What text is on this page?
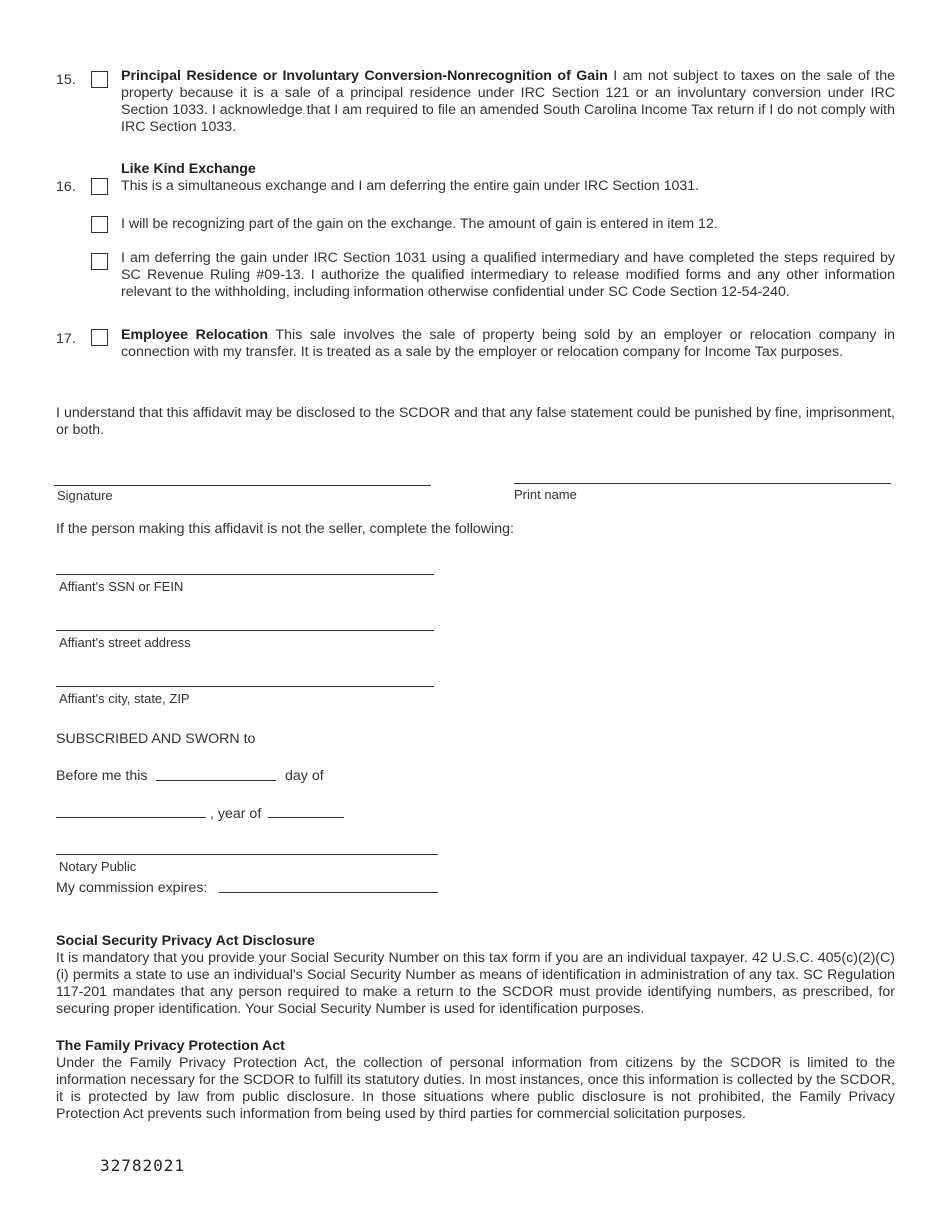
15.	Principal Residence or Involuntary Conversion-Nonrecognition of Gain I am not subject to taxes on the sale of the property because it is a sale of a principal residence under IRC Section 121 or an involuntary conversion under IRC Section 1033. I acknowledge that I am required to file an amended South Carolina Income Tax return if I do not comply with IRC Section 1033.
Like Kind Exchange
16.	This is a simultaneous exchange and I am deferring the entire gain under IRC Section 1031.
I will be recognizing part of the gain on the exchange. The amount of gain is entered in item 12.
I am deferring the gain under IRC Section 1031 using a qualified intermediary and have completed the steps required by SC Revenue Ruling #09-13. I authorize the qualified intermediary to release modified forms and any other information relevant to the withholding, including information otherwise confidential under SC Code Section 12-54-240.
17.	Employee Relocation This sale involves the sale of property being sold by an employer or relocation company in connection with my transfer. It is treated as a sale by the employer or relocation company for Income Tax purposes.
I understand that this affidavit may be disclosed to the SCDOR and that any false statement could be punished by fine, imprisonment, or both.
Signature	Print name
If the person making this affidavit is not the seller, complete the following:
Affiant's SSN or FEIN
Affiant's street address
Affiant's city, state, ZIP
SUBSCRIBED AND SWORN to
Before me this	day of
, year of
Notary Public
My commission expires:
Social Security Privacy Act Disclosure
It is mandatory that you provide your Social Security Number on this tax form if you are an individual taxpayer. 42 U.S.C. 405(c)(2)(C)(i) permits a state to use an individual's Social Security Number as means of identification in administration of any tax. SC Regulation 117-201 mandates that any person required to make a return to the SCDOR must provide identifying numbers, as prescribed, for securing proper identification. Your Social Security Number is used for identification purposes.
The Family Privacy Protection Act
Under the Family Privacy Protection Act, the collection of personal information from citizens by the SCDOR is limited to the information necessary for the SCDOR to fulfill its statutory duties. In most instances, once this information is collected by the SCDOR, it is protected by law from public disclosure. In those situations where public disclosure is not prohibited, the Family Privacy Protection Act prevents such information from being used by third parties for commercial solicitation purposes.
32782021
